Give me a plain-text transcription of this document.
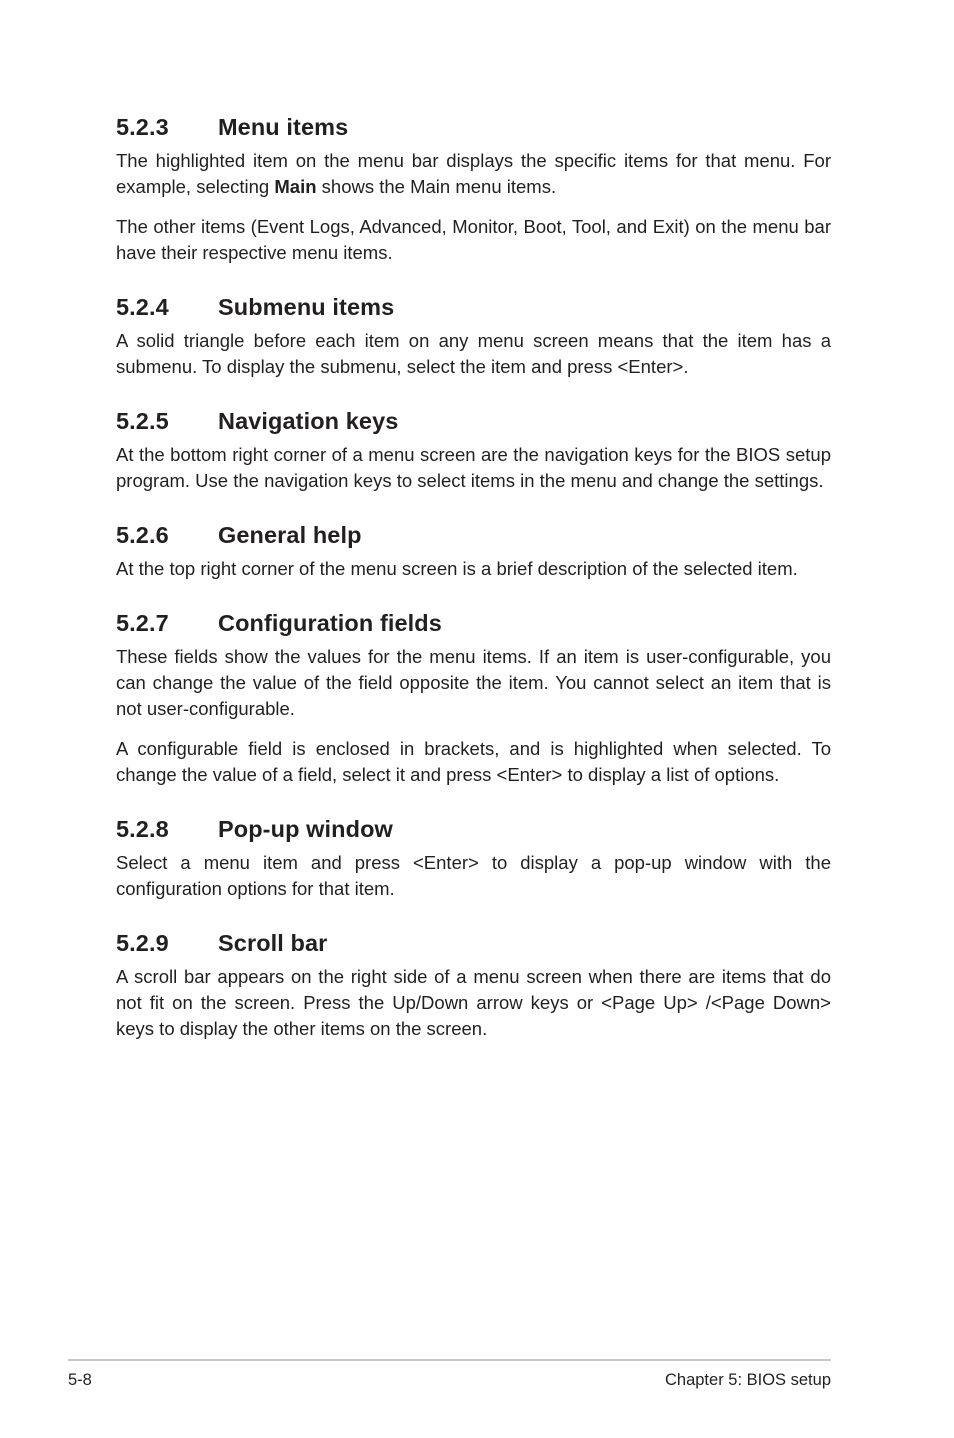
5.2.3 Menu items

The highlighted item on the menu bar displays the specific items for that menu. For example, selecting Main shows the Main menu items.

The other items (Event Logs, Advanced, Monitor, Boot, Tool, and Exit) on the menu bar have their respective menu items.

5.2.4 Submenu items

A solid triangle before each item on any menu screen means that the item has a submenu. To display the submenu, select the item and press <Enter>.

5.2.5 Navigation keys

At the bottom right corner of a menu screen are the navigation keys for the BIOS setup program. Use the navigation keys to select items in the menu and change the settings.

5.2.6 General help

At the top right corner of the menu screen is a brief description of the selected item.

5.2.7 Configuration fields

These fields show the values for the menu items. If an item is user-configurable, you can change the value of the field opposite the item. You cannot select an item that is not user-configurable.

A configurable field is enclosed in brackets, and is highlighted when selected. To change the value of a field, select it and press <Enter> to display a list of options.

5.2.8 Pop-up window

Select a menu item and press <Enter> to display a pop-up window with the configuration options for that item.

5.2.9 Scroll bar

A scroll bar appears on the right side of a menu screen when there are items that do not fit on the screen. Press the Up/Down arrow keys or <Page Up> /<Page Down> keys to display the other items on the screen.

5-8	Chapter 5: BIOS setup
